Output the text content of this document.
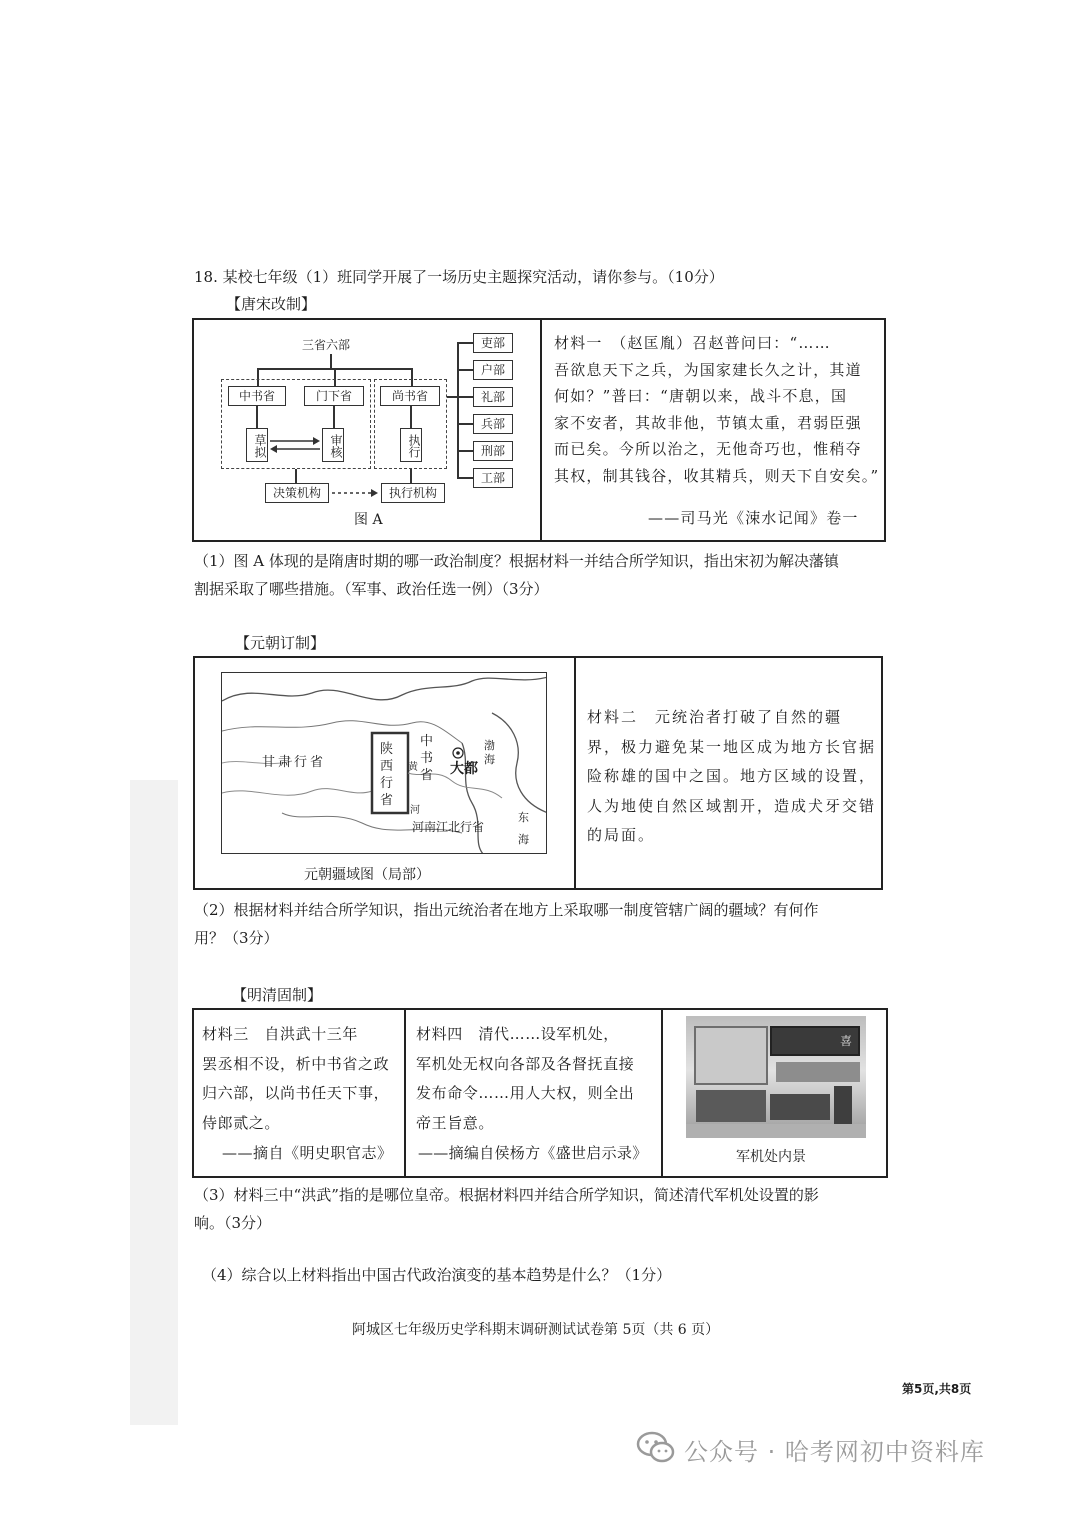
18. 某校七年级（1）班同学开展了一场历史主题探究活动，请你参与。（10分）
【唐宋改制】
三省六部
中书省	门下省	尚书省
草拟	审核	执行
吏部
户部
礼部
兵部
刑部
工部
决策机构	执行机构
图 A
材料一　（赵匡胤）召赵普问曰：“……
吾欲息天下之兵，为国家建长久之计，其道
何如？”普曰：“唐朝以来，战斗不息，国
家不安者，其故非他，节镇太重，君弱臣强
而已矣。今所以治之，无他奇巧也，惟稍夺
其权，制其钱谷，收其精兵，则天下自安矣。”
——司马光《涑水记闻》卷一
（1）图 A 体现的是隋唐时期的哪一政治制度？根据材料一并结合所学知识，指出宋初为解决藩镇
割据采取了哪些措施。（军事、政治任选一例）（3分）
【元朝订制】
甘肃行省
陕西行省
中书省 大都
渤海
黄
河
河南江北行省
东海
元朝疆域图（局部）
材料二　元统治者打破了自然的疆
界，极力避免某一地区成为地方长官据
险称雄的国中之国。地方区域的设置，
人为地使自然区域割开，造成犬牙交错
的局面。
（2）根据材料并结合所学知识，指出元统治者在地方上采取哪一制度管辖广阔的疆域？有何作
用？（3分）
【明清固制】
材料三　自洪武十三年
罢丞相不设，析中书省之政
归六部，以尚书任天下事，
侍郎贰之。
——摘自《明史职官志》
材料四　清代……设军机处，
军机处无权向各部及各督抚直接
发布命令……用人大权，则全出
帝王旨意。
——摘编自侯杨方《盛世启示录》
喜
军机处内景
（3）材料三中“洪武”指的是哪位皇帝。根据材料四并结合所学知识，简述清代军机处设置的影
响。（3分）
（4）综合以上材料指出中国古代政治演变的基本趋势是什么？（1分）
阿城区七年级历史学科期末调研测试试卷第 5页（共 6 页）
第5页,共8页
公众号 · 哈考网初中资料库
